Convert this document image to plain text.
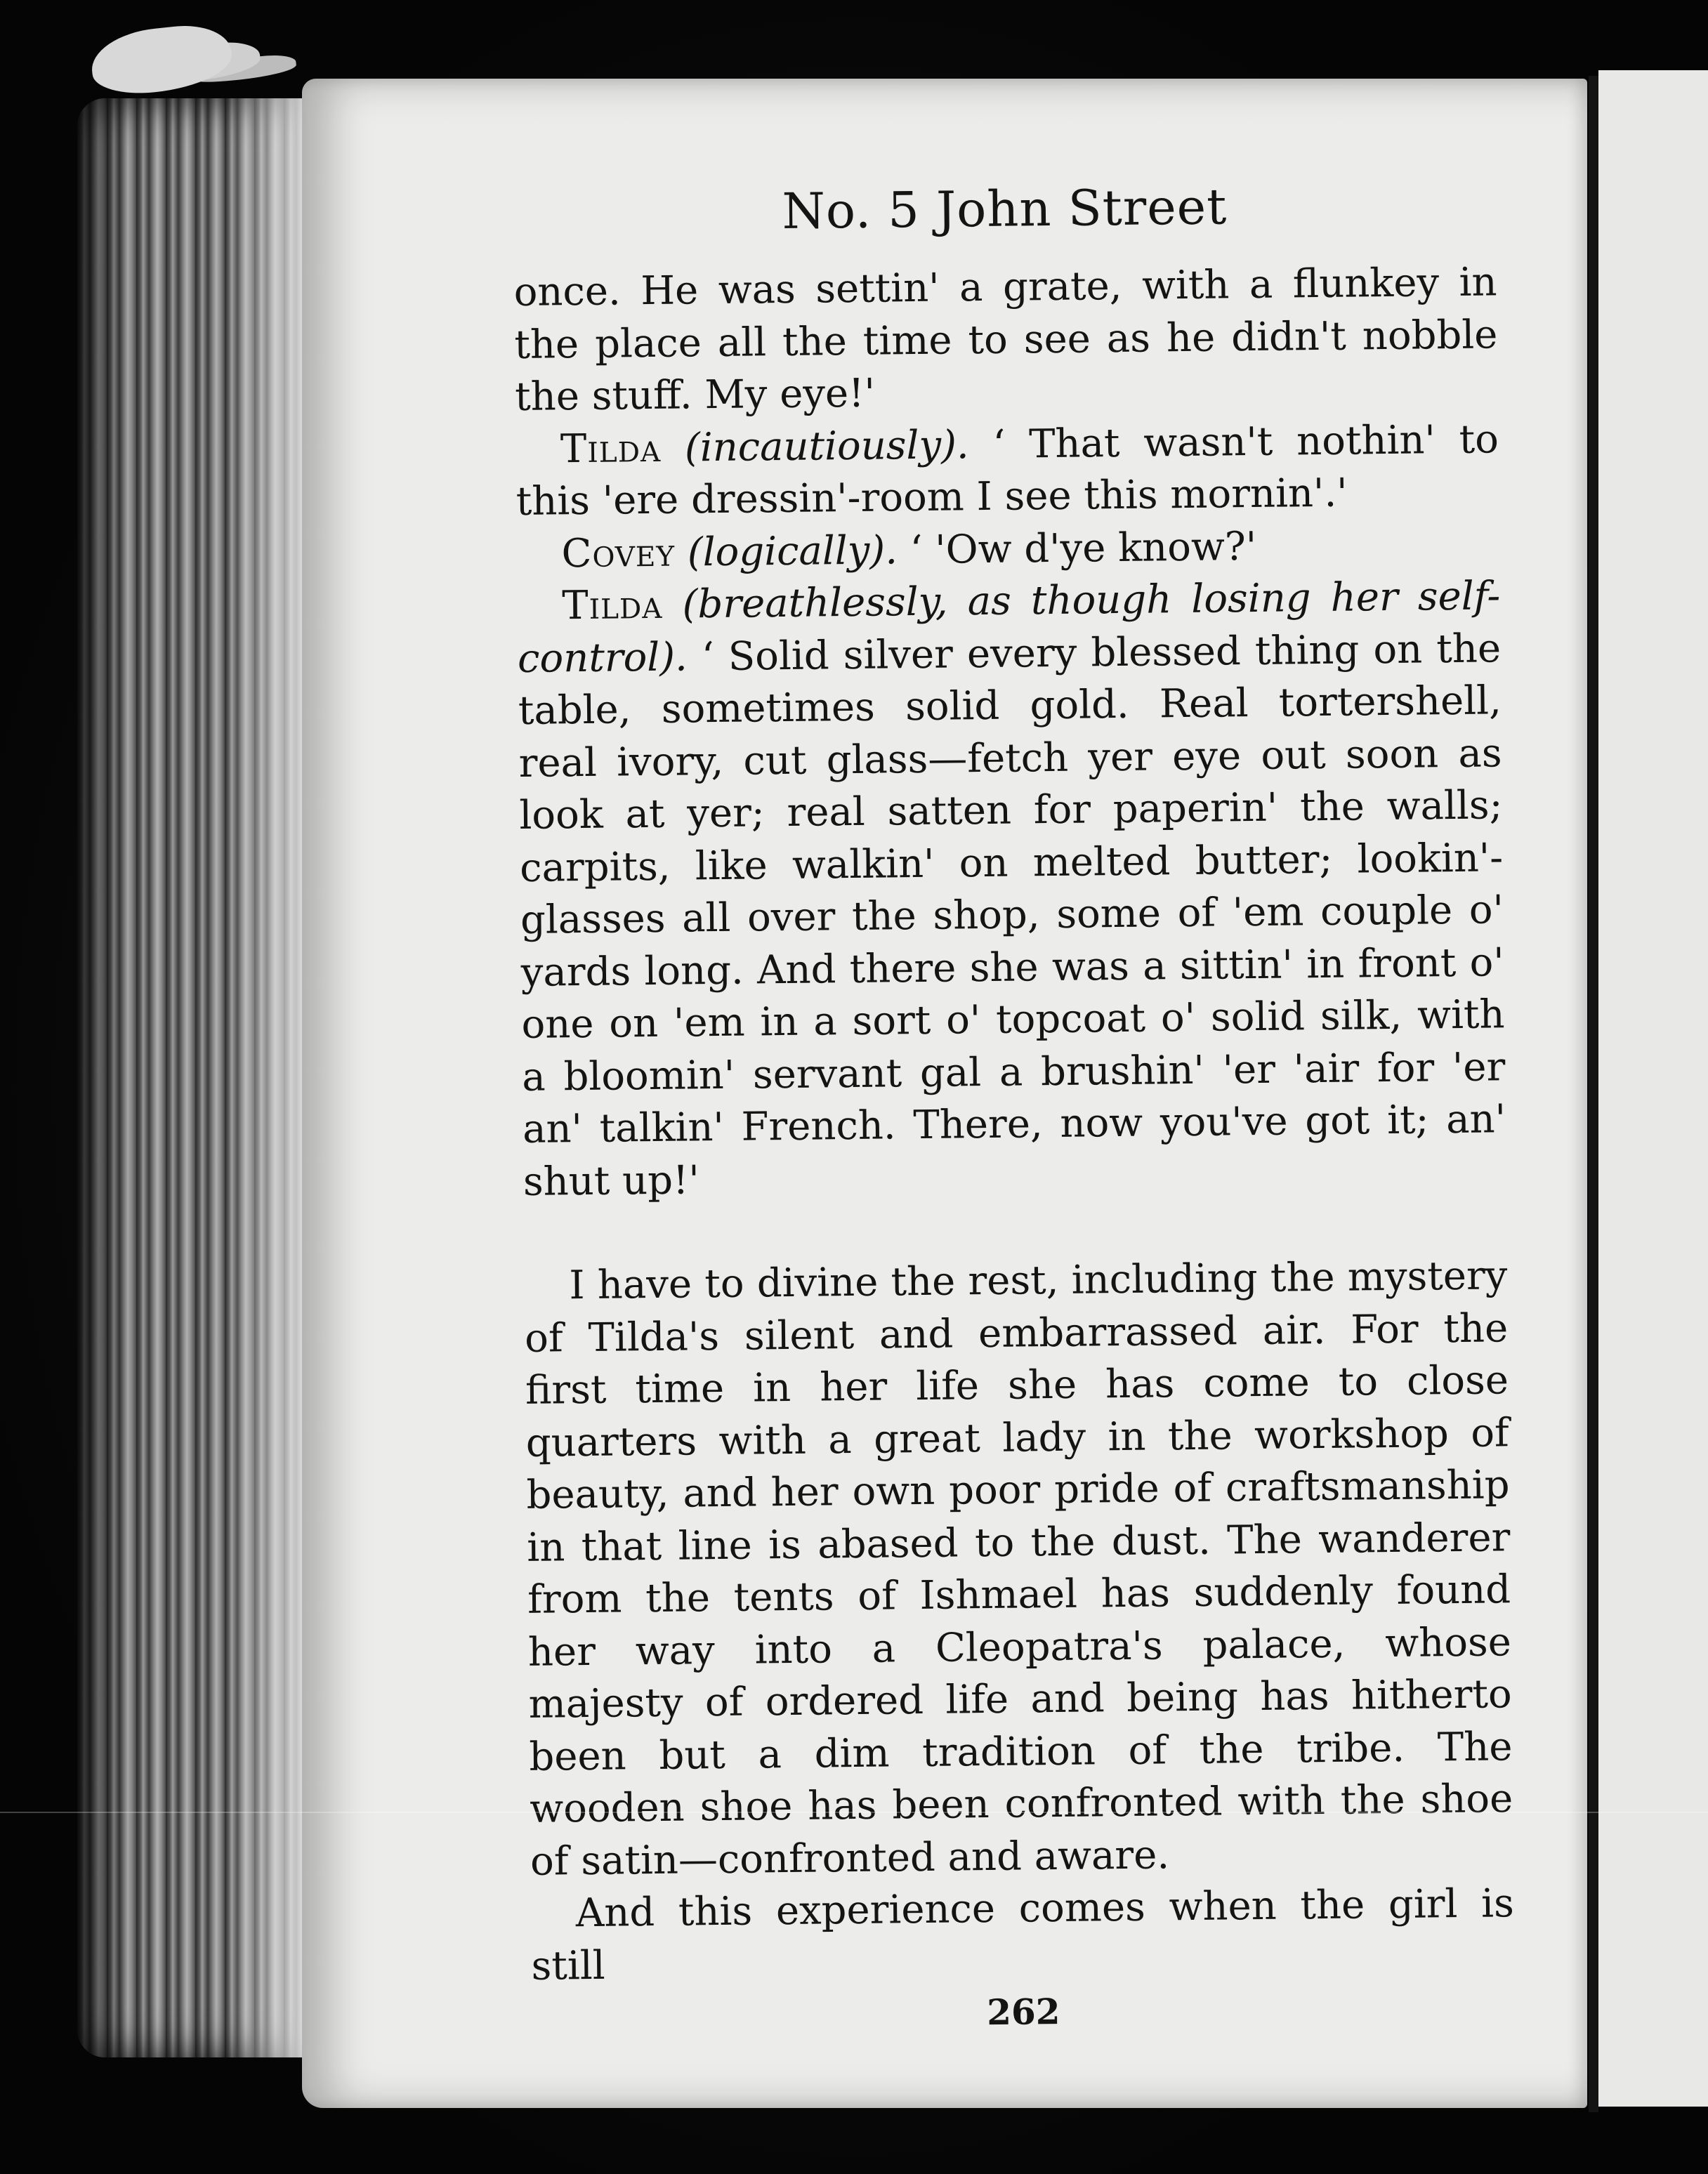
No. 5 John Street

once. He was settin' a grate, with a flunkey in the place all the time to see as he didn't nobble the stuff. My eye!'

Tilda (incautiously). ‘ That wasn't nothin' to this 'ere dressin'-room I see this mornin'.'

Covey (logically). ‘ 'Ow d'ye know?'

Tilda (breathlessly, as though losing her self-control). ‘ Solid silver every blessed thing on the table, sometimes solid gold. Real tortershell, real ivory, cut glass—fetch yer eye out soon as look at yer; real satten for paperin' the walls; carpits, like walkin' on melted butter; lookin'-glasses all over the shop, some of 'em couple o' yards long. And there she was a sittin' in front o' one on 'em in a sort o' topcoat o' solid silk, with a bloomin' servant gal a brushin' 'er 'air for 'er an' talkin' French. There, now you've got it; an' shut up!'

I have to divine the rest, including the mystery of Tilda's silent and embarrassed air. For the first time in her life she has come to close quarters with a great lady in the workshop of beauty, and her own poor pride of craftsmanship in that line is abased to the dust. The wanderer from the tents of Ishmael has suddenly found her way into a Cleopatra's palace, whose majesty of ordered life and being has hitherto been but a dim tradition of the tribe. The wooden shoe has been confronted with the shoe of satin—confronted and aware.

And this experience comes when the girl is still

262
